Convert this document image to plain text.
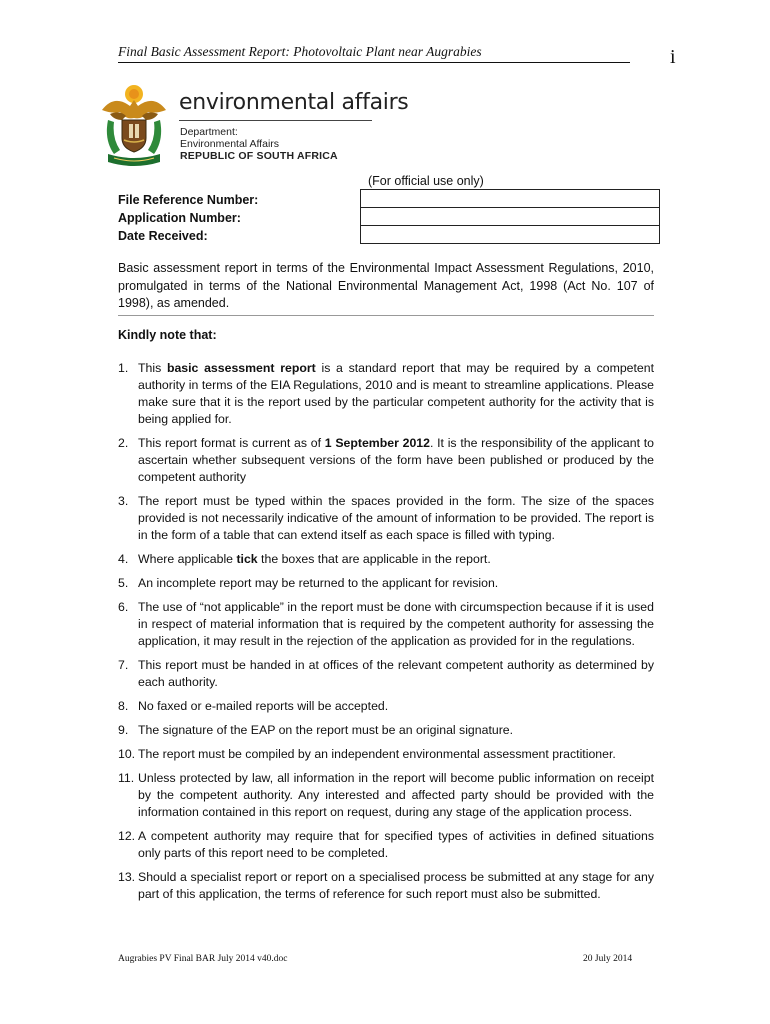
Final Basic Assessment Report: Photovoltaic Plant near Augrabies	i
environmental affairs
Department:
Environmental Affairs
REPUBLIC OF SOUTH AFRICA
(For official use only)
File Reference Number:
Application Number:
Date Received:
Basic assessment report in terms of the Environmental Impact Assessment Regulations, 2010, promulgated in terms of the National Environmental Management Act, 1998 (Act No. 107 of 1998), as amended.
Kindly note that:
1. This basic assessment report is a standard report that may be required by a competent authority in terms of the EIA Regulations, 2010 and is meant to streamline applications. Please make sure that it is the report used by the particular competent authority for the activity that is being applied for.
2. This report format is current as of 1 September 2012. It is the responsibility of the applicant to ascertain whether subsequent versions of the form have been published or produced by the competent authority
3. The report must be typed within the spaces provided in the form. The size of the spaces provided is not necessarily indicative of the amount of information to be provided. The report is in the form of a table that can extend itself as each space is filled with typing.
4. Where applicable tick the boxes that are applicable in the report.
5. An incomplete report may be returned to the applicant for revision.
6. The use of “not applicable” in the report must be done with circumspection because if it is used in respect of material information that is required by the competent authority for assessing the application, it may result in the rejection of the application as provided for in the regulations.
7. This report must be handed in at offices of the relevant competent authority as determined by each authority.
8. No faxed or e-mailed reports will be accepted.
9. The signature of the EAP on the report must be an original signature.
10. The report must be compiled by an independent environmental assessment practitioner.
11. Unless protected by law, all information in the report will become public information on receipt by the competent authority. Any interested and affected party should be provided with the information contained in this report on request, during any stage of the application process.
12. A competent authority may require that for specified types of activities in defined situations only parts of this report need to be completed.
13. Should a specialist report or report on a specialised process be submitted at any stage for any part of this application, the terms of reference for such report must also be submitted.
Augrabies PV Final BAR July 2014 v40.doc	20 July 2014
